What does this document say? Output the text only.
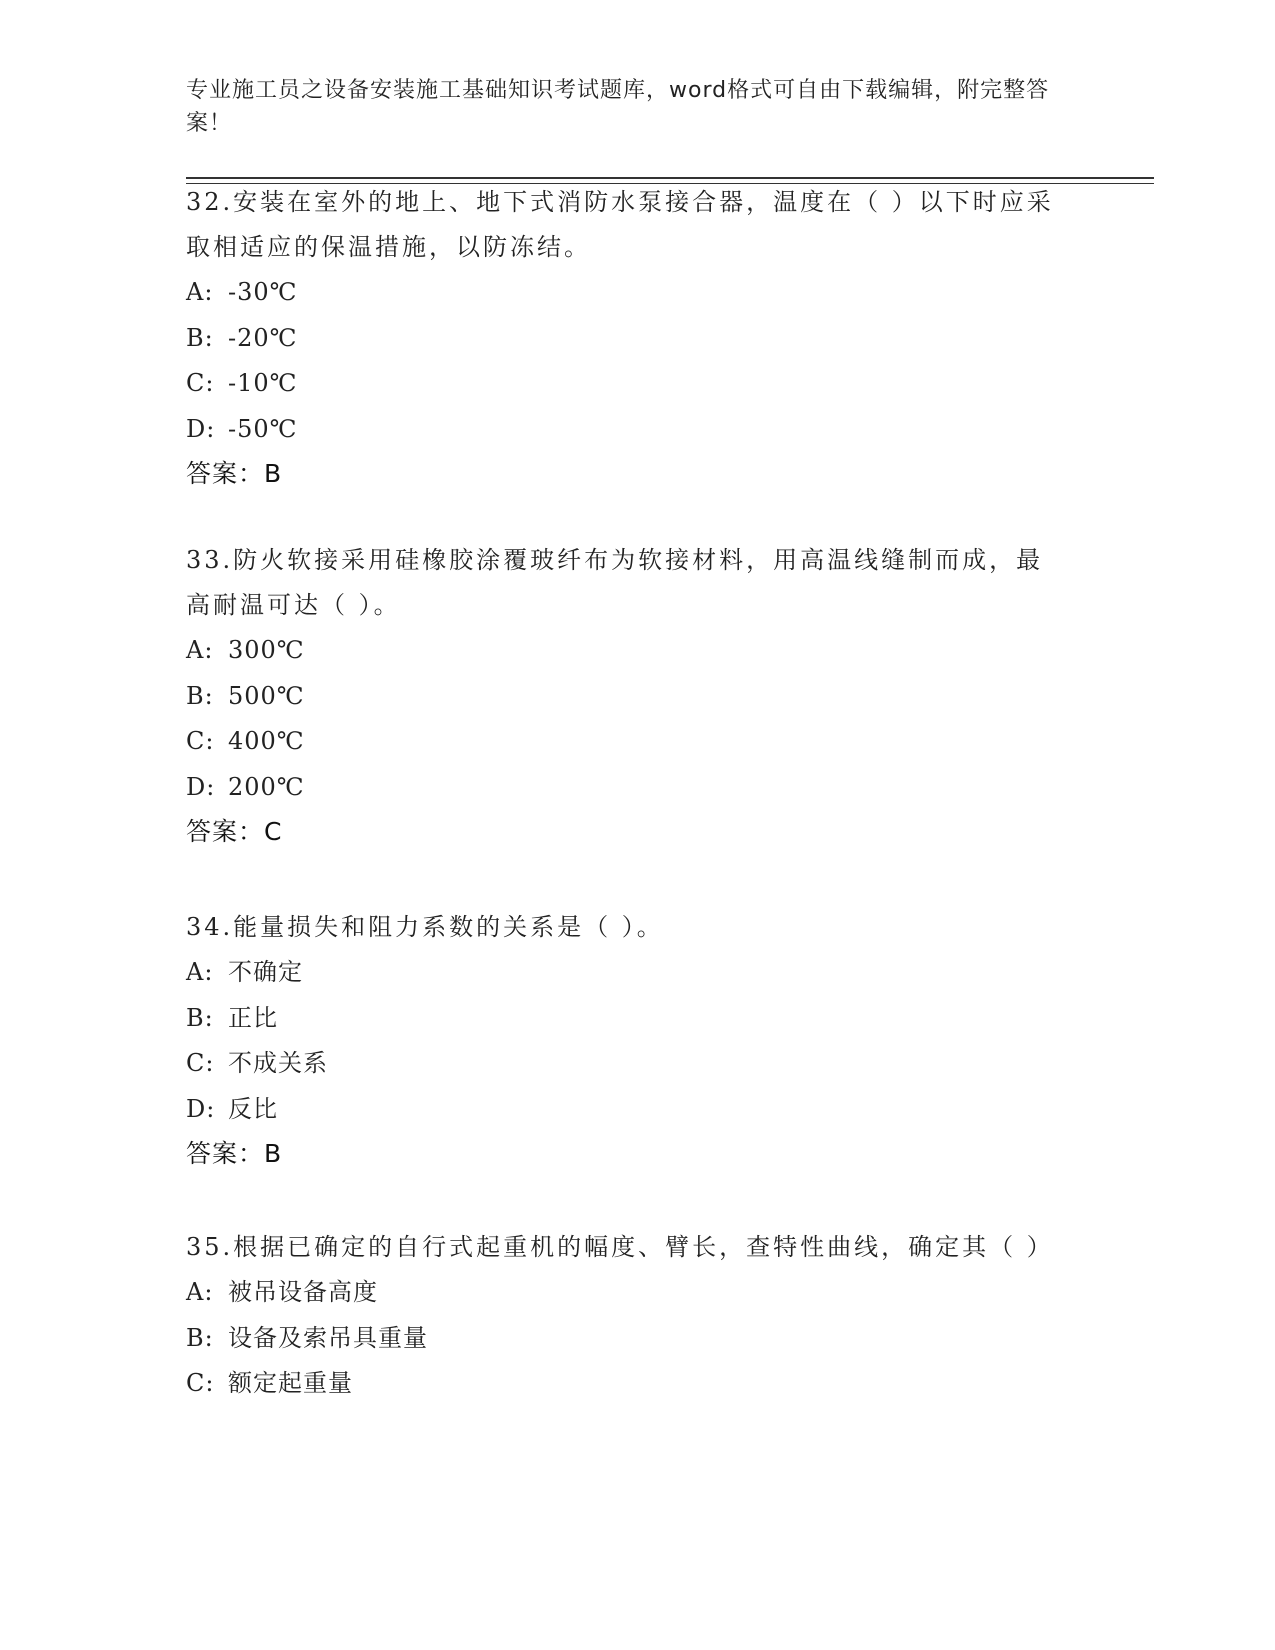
专业施工员之设备安装施工基础知识考试题库，word格式可自由下载编辑，附完整答案！
32.安装在室外的地上、地下式消防水泵接合器，温度在（ ）以下时应采取相适应的保温措施，以防冻结。
A: -30℃
B: -20℃
C: -10℃
D: -50℃
答案：B
33.防火软接采用硅橡胶涂覆玻纤布为软接材料，用高温线缝制而成，最高耐温可达（ ）。
A: 300℃
B: 500℃
C: 400℃
D: 200℃
答案：C
34.能量损失和阻力系数的关系是（ ）。
A: 不确定
B: 正比
C: 不成关系
D: 反比
答案：B
35.根据已确定的自行式起重机的幅度、臂长，查特性曲线，确定其（ ）
A: 被吊设备高度
B: 设备及索吊具重量
C: 额定起重量
